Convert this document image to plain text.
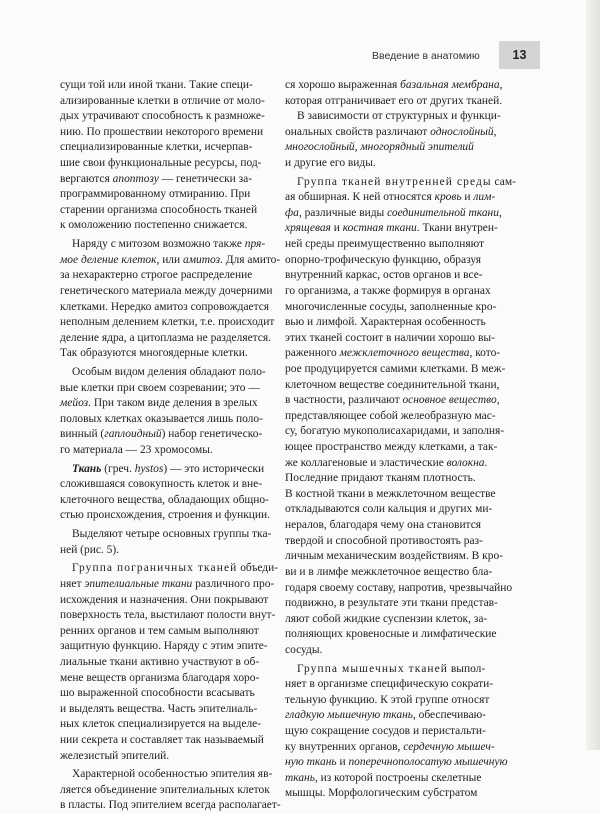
Введение в анатомию	13
сущи той или иной ткани. Такие специ-
ализированные клетки в отличие от моло-
дых утрачивают способность к размноже-
нию. По прошествии некоторого времени
специализированные клетки, исчерпав-
шие свои функциональные ресурсы, под-
вергаются апоптозу — генетически за-
программированному отмиранию. При
старении организма способность тканей
к омоложению постепенно снижается.
Наряду с митозом возможно также пря-
мое деление клеток, или амитоз. Для амито-
за нехарактерно строгое распределение
генетического материала между дочерними
клетками. Нередко амитоз сопровождается
неполным делением клетки, т.е. происходит
деление ядра, а цитоплазма не разделяется.
Так образуются многоядерные клетки.
Особым видом деления обладают поло-
вые клетки при своем созревании; это —
мейоз. При таком виде деления в зрелых
половых клетках оказывается лишь поло-
винный (гаплоидный) набор генетическо-
го материала — 23 хромосомы.
Ткань (греч. hystos) — это исторически
сложившаяся совокупность клеток и вне-
клеточного вещества, обладающих общно-
стью происхождения, строения и функции.
Выделяют четыре основных группы тка-
ней (рис. 5).
Группа пограничных тканей объеди-
няет эпителиальные ткани различного про-
исхождения и назначения. Они покрывают
поверхность тела, выстилают полости внут-
ренних органов и тем самым выполняют
защитную функцию. Наряду с этим эпите-
лиальные ткани активно участвуют в об-
мене веществ организма благодаря хоро-
шо выраженной способности всасывать
и выделять вещества. Часть эпителиаль-
ных клеток специализируется на выделе-
нии секрета и составляет так называемый
железистый эпителий.
Характерной особенностью эпителия яв-
ляется объединение эпителиальных клеток
в пласты. Под эпителием всегда располагает-
ся хорошо выраженная базальная мембрана,
которая отграничивает его от других тканей.
В зависимости от структурных и функци-
ональных свойств различают однослойный,
многослойный, многорядный эпителий
и другие его виды.
Группа тканей внутренней среды сам-
ая обширная. К ней относятся кровь и лим-
фа, различные виды соединительной ткани,
хрящевая и костная ткани. Ткани внутрен-
ней среды преимущественно выполняют
опорно-трофическую функцию, образуя
внутренний каркас, остов органов и все-
го организма, а также формируя в органах
многочисленные сосуды, заполненные кро-
вью и лимфой. Характерная особенность
этих тканей состоит в наличии хорошо вы-
раженного межклеточного вещества, кото-
рое продуцируется самими клетками. В меж-
клеточном веществе соединительной ткани,
в частности, различают основное вещество,
представляющее собой желеобразную мас-
су, богатую мукополисахаридами, и заполня-
ющее пространство между клетками, а так-
же коллагеновые и эластические волокна.
Последние придают тканям плотность.
В костной ткани в межклеточном веществе
откладываются соли кальция и других ми-
нералов, благодаря чему она становится
твердой и способной противостоять раз-
личным механическим воздействиям. В кро-
ви и в лимфе межклеточное вещество бла-
годаря своему составу, напротив, чрезвычайно
подвижно, в результате эти ткани представ-
ляют собой жидкие суспензии клеток, за-
полняющих кровеносные и лимфатические
сосуды.
Группа мышечных тканей выпол-
няет в организме специфическую сократи-
тельную функцию. К этой группе относят
гладкую мышечную ткань, обеспечиваю-
щую сокращение сосудов и перистальти-
ку внутренних органов, сердечную мышеч-
ную ткань и поперечнополосатую мышечную
ткань, из которой построены скелетные
мышцы. Морфологическим субстратом
